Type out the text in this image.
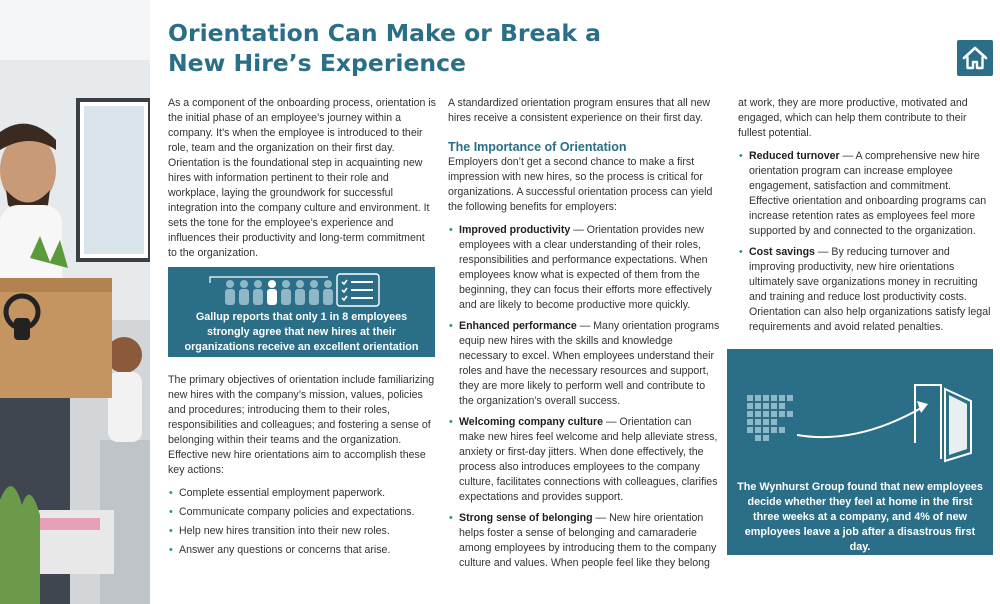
Orientation Can Make or Break a New Hire’s Experience

As a component of the onboarding process, orientation is the initial phase of an employee’s journey within a company. It’s when the employee is introduced to their role, team and the organization on their first day. Orientation is the foundational step in acquainting new hires with information pertinent to their role and workplace, laying the groundwork for successful integration into the company culture and environment. It sets the tone for the employee’s experience and influences their productivity and long-term commitment to the organization.

Gallup reports that only 1 in 8 employees strongly agree that new hires at their organizations receive an excellent orientation and onboarding experience.

The primary objectives of orientation include familiarizing new hires with the company’s mission, values, policies and procedures; introducing them to their roles, responsibilities and colleagues; and fostering a sense of belonging within their teams and the organization. Effective new hire orientations aim to accomplish these key actions:

• Complete essential employment paperwork.
• Communicate company policies and expectations.
• Help new hires transition into their new roles.
• Answer any questions or concerns that arise.

A standardized orientation program ensures that all new hires receive a consistent experience on their first day.

The Importance of Orientation

Employers don’t get a second chance to make a first impression with new hires, so the process is critical for organizations. A successful orientation process can yield the following benefits for employers:

• Improved productivity — Orientation provides new employees with a clear understanding of their roles, responsibilities and performance expectations. When employees know what is expected of them from the beginning, they can focus their efforts more effectively and are likely to become productive more quickly.
• Enhanced performance — Many orientation programs equip new hires with the skills and knowledge necessary to excel. When employees understand their roles and have the necessary resources and support, they are more likely to perform well and contribute to the organization’s overall success.
• Welcoming company culture — Orientation can make new hires feel welcome and help alleviate stress, anxiety or first-day jitters. When done effectively, the process also introduces employees to the company culture, facilitates connections with colleagues, clarifies expectations and provides support.
• Strong sense of belonging — New hire orientation helps foster a sense of belonging and camaraderie among employees by introducing them to the company culture and values. When people feel like they belong

at work, they are more productive, motivated and engaged, which can help them contribute to their fullest potential.

• Reduced turnover — A comprehensive new hire orientation program can increase employee engagement, satisfaction and commitment. Effective orientation and onboarding programs can increase retention rates as employees feel more supported by and connected to the organization.
• Cost savings — By reducing turnover and improving productivity, new hire orientations ultimately save organizations money in recruiting and training and reduce lost productivity costs. Orientation can also help organizations satisfy legal requirements and avoid related penalties.
The Wynhurst Group found that new employees decide whether they feel at home in the first three weeks at a company, and 4% of new employees leave a job after a disastrous first day.
